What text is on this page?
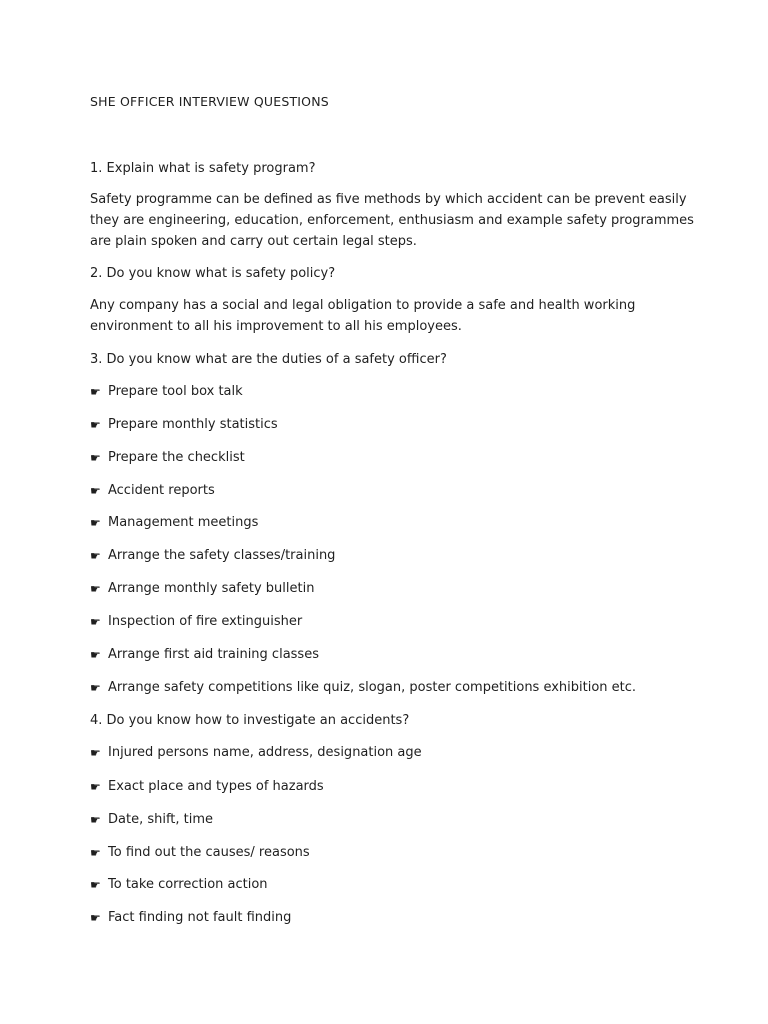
SHE OFFICER INTERVIEW QUESTIONS
1. Explain what is safety program?
Safety programme can be defined as five methods by which accident can be prevent easily they are engineering, education, enforcement, enthusiasm and example safety programmes are plain spoken and carry out certain legal steps.
2. Do you know what is safety policy?
Any company has a social and legal obligation to provide a safe and health working environment to all his improvement to all his employees.
3. Do you know what are the duties of a safety officer?
☛ Prepare tool box talk
☛ Prepare monthly statistics
☛ Prepare the checklist
☛ Accident reports
☛ Management meetings
☛ Arrange the safety classes/training
☛ Arrange monthly safety bulletin
☛ Inspection of fire extinguisher
☛ Arrange first aid training classes
☛ Arrange safety competitions like quiz, slogan, poster competitions exhibition etc.
4. Do you know how to investigate an accidents?
☛ Injured persons name, address, designation age
☛ Exact place and types of hazards
☛ Date, shift, time
☛ To find out the causes/ reasons
☛ To take correction action
☛ Fact finding not fault finding
